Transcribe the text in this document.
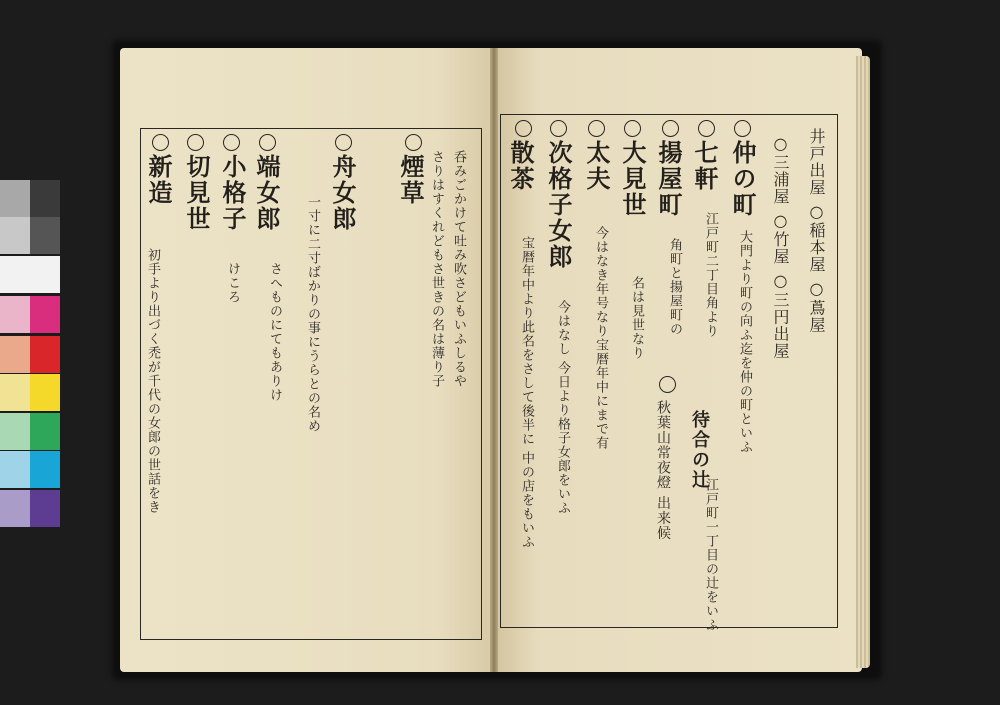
煙草 呑みごかけて吐み吹さどもいふしるや
さりはすくれどもさ世きの名は薄り子
舟女郎
一寸に二寸ばかりの事にうらとの名め
端女郎
さへものにてもありけ
小格子
けころ
切見世
新造
初手より出づく禿が千代の女郎の世話をき
井戸出屋 ○稲本屋 ○蔦屋
○三浦屋 ○竹屋 ○三円出屋
仲の町
大門より町の向ふ迄を仲の町といふ
七軒
江戸町二丁目角より
待合の辻
江戸町一丁目の辻をいふ
揚屋町
角町と揚屋町の
大見世
名は見世なり
秋葉山常夜燈 出来候
太夫
今はなき年号なり宝暦年中にまで有
次格子女郎
今はなし 今日より格子女郎をいふ
散茶
宝暦年中より此名をさして後半に 中の店をもいふ
